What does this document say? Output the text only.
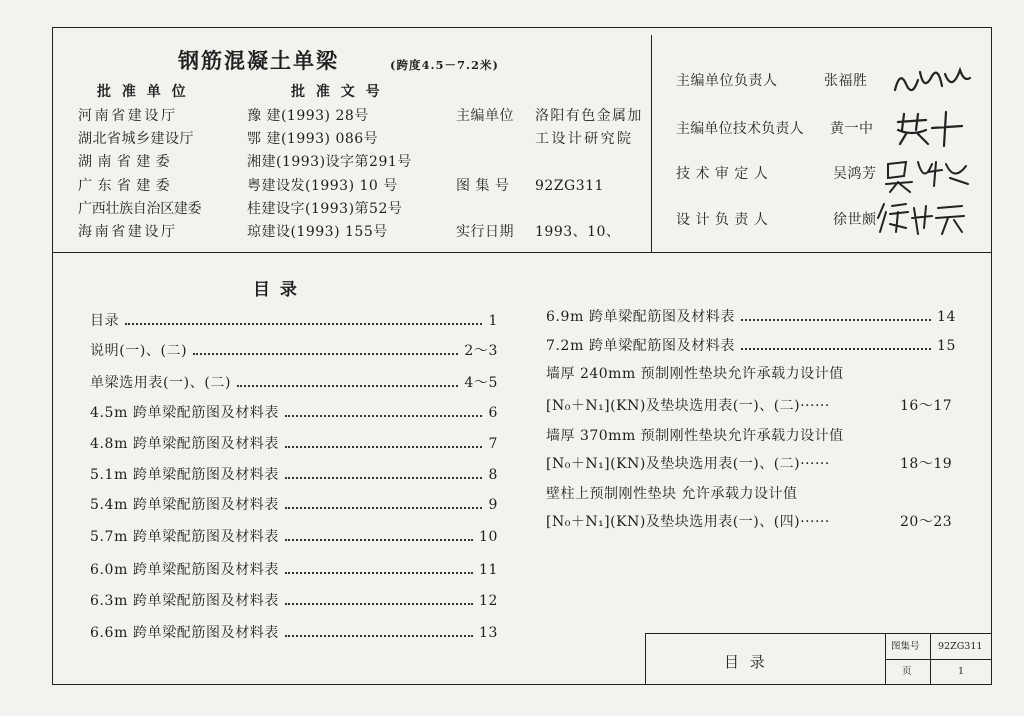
钢筋混凝土单梁	(跨度4.5－7.2米)
批 准 单 位	批 准 文 号
河南省建设厅	豫 建(1993) 28号
湖北省城乡建设厅	鄂 建(1993) 086号
湖 南 省 建 委	湘建(1993)设字第291号
广 东 省 建 委	粤建设发(1993) 10 号
广西壮族自治区建委	桂建设字(1993)第52号
海南省建设厅	琼建设(1993) 155号
主编单位 洛阳有色金属加
工设计研究院
图 集 号 92ZG311
实行日期 1993、10、
主编单位负责人	张福胜
主编单位技术负责人 黄一中
技 术 审 定 人	吴鸿芳
设 计 负 责 人	徐世颇
目 录
目录	1
说明(一)、(二)	2～3
单梁选用表(一)、(二)	4～5
4.5m 跨单梁配筋图及材料表	6
4.8m 跨单梁配筋图及材料表	7
5.1m 跨单梁配筋图及材料表	8
5.4m 跨单梁配筋图及材料表	9
5.7m 跨单梁配筋图及材料表	10
6.0m 跨单梁配筋图及材料表	11
6.3m 跨单梁配筋图及材料表	12
6.6m 跨单梁配筋图及材料表	13
6.9m 跨单梁配筋图及材料表	14
7.2m 跨单梁配筋图及材料表	15
墙厚 240mm 预制刚性垫块允许承载力设计值
[N₀＋N₁](KN)及垫块选用表(一)、(二)······	16～17
墙厚 370mm 预制刚性垫块允许承载力设计值
[N₀＋N₁](KN)及垫块选用表(一)、(二)······	18～19
壁柱上预制刚性垫块 允许承载力设计值
[N₀＋N₁](KN)及垫块选用表(一)、(四)······	20～23
目 录
图集号 92ZG311
页	1
